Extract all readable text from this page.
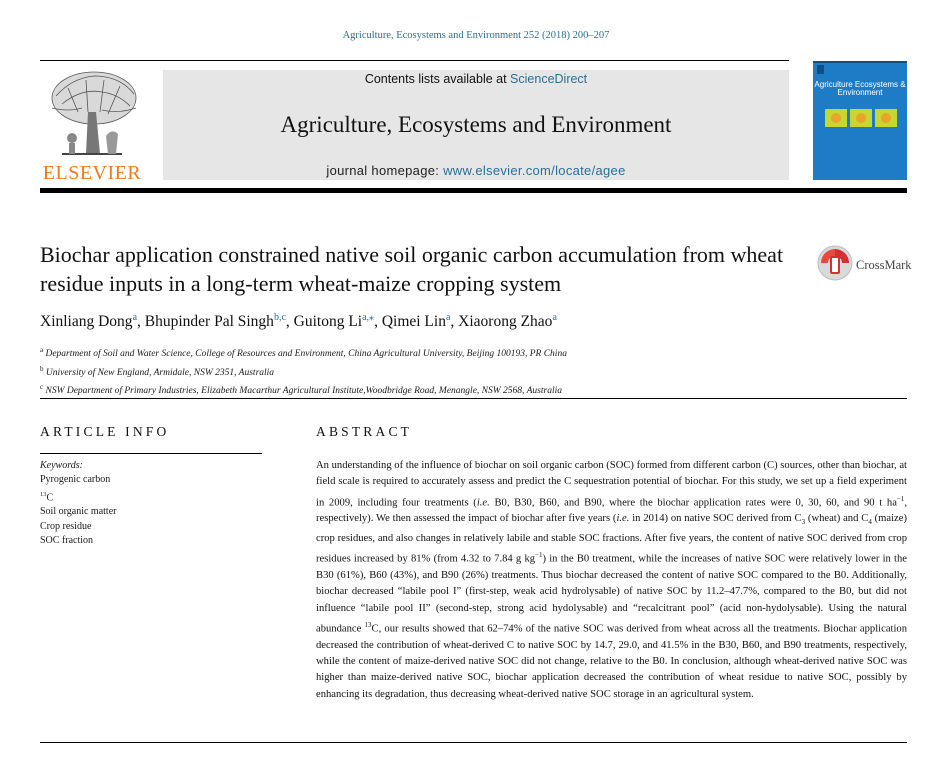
Agriculture, Ecosystems and Environment 252 (2018) 200–207
ELSEVIER
Contents lists available at ScienceDirect
Agriculture, Ecosystems and Environment
journal homepage: www.elsevier.com/locate/agee
Agriculture Ecosystems & Environment
Biochar application constrained native soil organic carbon accumulation from wheat residue inputs in a long-term wheat-maize cropping system
CrossMark
Xinliang Dong$^a$, Bhupinder Pal Singh$^{b,c}$, Guitong $Li^{a,⁎}$, Qimei Lin$^a$, Xiaorong Zhao$^a$
$^a$ Department of Soil and Water Science, College of Resources and Environment, China Agricultural University, Beijing 100193, PR China
$^b$ University of New England, Armidale, NSW 2351, Australia
$^c$ NSW Department of Primary Industries, Elizabeth Macarthur Agricultural Institute,Woodbridge Road, Menangle, NSW 2568, Australia
ARTICLE INFO	ABSTRACT
Keywords:
Pyrogenic carbon
$^{13}$C
Soil organic matter
Crop residue
SOC fraction
An understanding of the influence of biochar on soil organic carbon (SOC) formed from different carbon (C) sources, other than biochar, at field scale is required to accurately assess and predict the C sequestration potential of biochar. For this study, we set up a field experiment in 2009, including four treatments (i.e. B0, B30, B60, and B90, where the biochar application rates were 0, 30, 60, and 90 t $ha^{-1}$, respectively). We then assessed the impact of biochar after five years (i.e. in 2014) on native SOC derived from $C_3$ (wheat) and $C_4$ (maize) crop residues, and also changes in relatively labile and stable SOC fractions. After five years, the content of native SOC derived from crop residues increased by 81% (from 4.32 to 7.84 g $kg^{-1}$) in the B0 treatment, while the increases of native SOC were relatively lower in the B30 (61%), B60 (43%), and B90 (26%) treatments. Thus biochar decreased the content of native SOC compared to the B0. Additionally, biochar decreased “labile pool I” (first-step, weak acid hydrolysable) of native SOC by 11.2–47.7%, compared to the B0, but did not influence “labile pool II” (second-step, strong acid hydolysable) and “recalcitrant pool” (acid non-hydolysable). Using the natural abundance $^{13}$C, our results showed that 62–74% of the native SOC was derived from wheat across all the treatments. Biochar application decreased the contribution of wheat-derived C to native SOC by 14.7, 29.0, and 41.5% in the B30, B60, and B90 treatments, respectively, while the content of maize-derived native SOC did not change, relative to the B0. In conclusion, although wheat-derived native SOC was higher than maize-derived native SOC, biochar application decreased the contribution of wheat residue to native SOC, possibly by enhancing its degradation, thus decreasing wheat-derived native SOC storage in an agricultural system.
